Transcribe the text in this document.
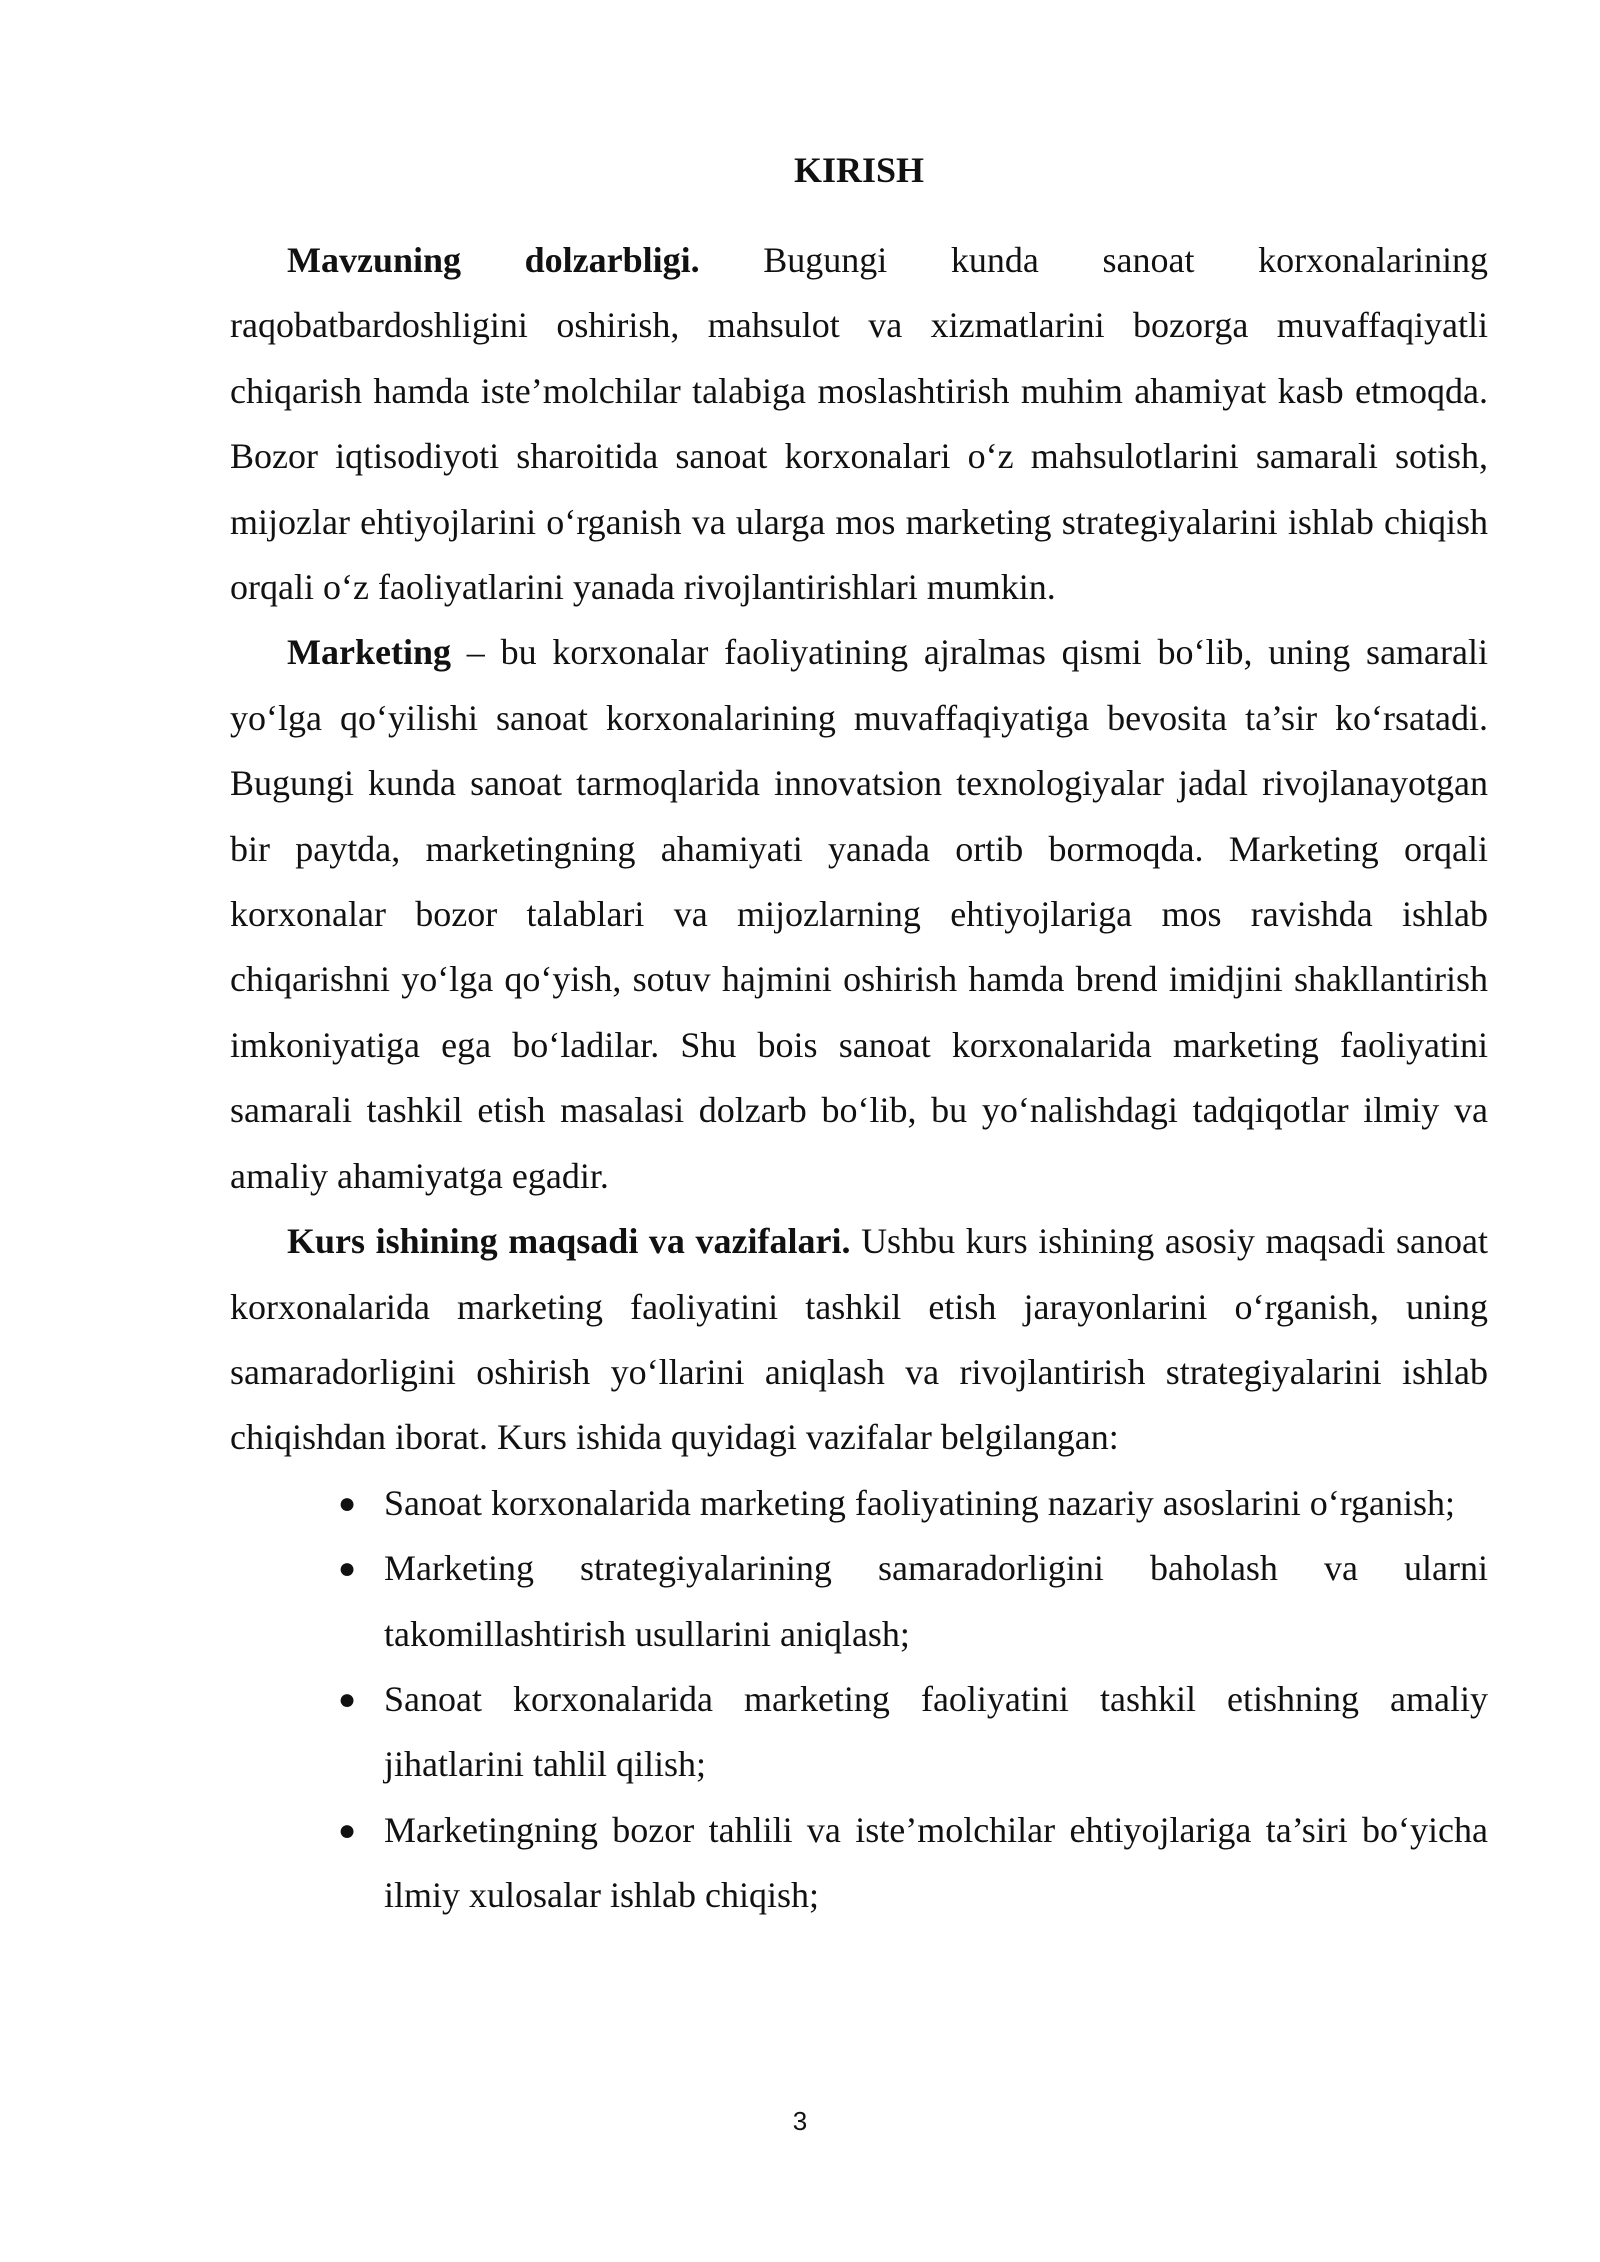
KIRISH

Mavzuning dolzarbligi. Bugungi kunda sanoat korxonalarining raqobatbardoshligini oshirish, mahsulot va xizmatlarini bozorga muvaffaqiyatli chiqarish hamda iste’molchilar talabiga moslashtirish muhim ahamiyat kasb etmoqda. Bozor iqtisodiyoti sharoitida sanoat korxonalari o‘z mahsulotlarini samarali sotish, mijozlar ehtiyojlarini o‘rganish va ularga mos marketing strategiyalarini ishlab chiqish orqali o‘z faoliyatlarini yanada rivojlantirishlari mumkin.

Marketing – bu korxonalar faoliyatining ajralmas qismi bo‘lib, uning samarali yo‘lga qo‘yilishi sanoat korxonalarining muvaffaqiyatiga bevosita ta’sir ko‘rsatadi. Bugungi kunda sanoat tarmoqlarida innovatsion texnologiyalar jadal rivojlanayotgan bir paytda, marketingning ahamiyati yanada ortib bormoqda. Marketing orqali korxonalar bozor talablari va mijozlarning ehtiyojlariga mos ravishda ishlab chiqarishni yo‘lga qo‘yish, sotuv hajmini oshirish hamda brend imidjini shakllantirish imkoniyatiga ega bo‘ladilar. Shu bois sanoat korxonalarida marketing faoliyatini samarali tashkil etish masalasi dolzarb bo‘lib, bu yo‘nalishdagi tadqiqotlar ilmiy va amaliy ahamiyatga egadir.

Kurs ishining maqsadi va vazifalari. Ushbu kurs ishining asosiy maqsadi sanoat korxonalarida marketing faoliyatini tashkil etish jarayonlarini o‘rganish, uning samaradorligini oshirish yo‘llarini aniqlash va rivojlantirish strategiyalarini ishlab chiqishdan iborat. Kurs ishida quyidagi vazifalar belgilangan:

● Sanoat korxonalarida marketing faoliyatining nazariy asoslarini o‘rganish;
● Marketing strategiyalarining samaradorligini baholash va ularni takomillashtirish usullarini aniqlash;
● Sanoat korxonalarida marketing faoliyatini tashkil etishning amaliy jihatlarini tahlil qilish;
● Marketingning bozor tahlili va iste’molchilar ehtiyojlariga ta’siri bo‘yicha ilmiy xulosalar ishlab chiqish;
3
